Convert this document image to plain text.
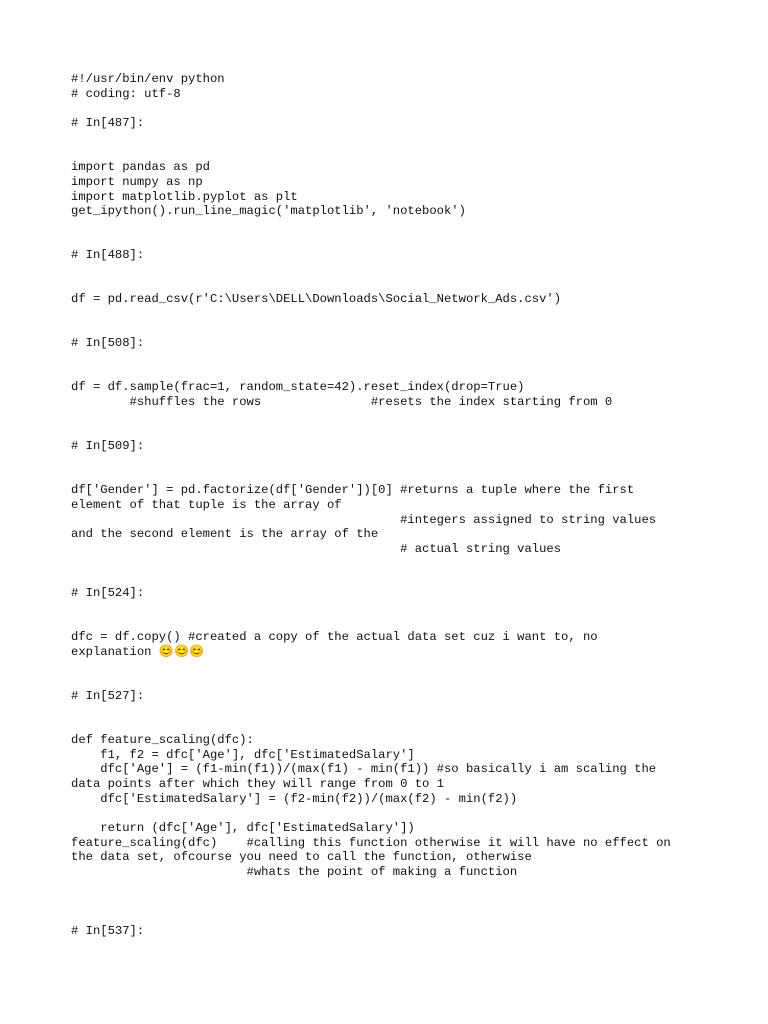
#!/usr/bin/env python
# coding: utf-8
# In[487]:
import pandas as pd
import numpy as np
import matplotlib.pyplot as plt
get_ipython().run_line_magic('matplotlib', 'notebook')
# In[488]:
df = pd.read_csv(r'C:\Users\DELL\Downloads\Social_Network_Ads.csv')
# In[508]:
df = df.sample(frac=1, random_state=42).reset_index(drop=True)
#shuffles the rows               #resets the index starting from 0
# In[509]:
df['Gender'] = pd.factorize(df['Gender'])[0] #returns a tuple where the first
element of that tuple is the array of
#integers assigned to string values
and the second element is the array of the
# actual string values
# In[524]:
dfc = df.copy() #created a copy of the actual data set cuz i want to, no
explanation 😊😊😊
# In[527]:
def feature_scaling(dfc):
f1, f2 = dfc['Age'], dfc['EstimatedSalary']
dfc['Age'] = (f1-min(f1))/(max(f1) - min(f1)) #so basically i am scaling the
data points after which they will range from 0 to 1
dfc['EstimatedSalary'] = (f2-min(f2))/(max(f2) - min(f2))
return (dfc['Age'], dfc['EstimatedSalary'])
feature_scaling(dfc)    #calling this function otherwise it will have no effect on
the data set, ofcourse you need to call the function, otherwise
#whats the point of making a function
# In[537]:
